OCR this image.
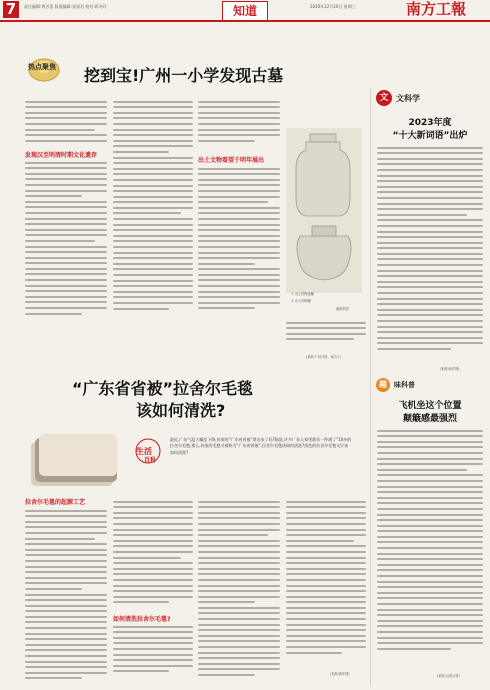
7	责任编辑:黄芳蕾 版面编辑:张丽君 校对:蒋冬玲	知道	2020年12月20日 星期三	南方工報
热点聚焦 挖到宝!广州一小学发现古墓
发现汉至明清时期文化遗存
出土文物看望于明年展出
① 出土的陶盖罐
② 出土的陶罐
番禺供图
(来源:广州日报、南方+)
“广东省省被”拉舍尔毛毯
该如何清洗?
生活
百科
最近,广东气温大幅度下降,你家的“广东省省被”拿出来了吗?据说,许多广东人家里都有一件满了“10多的拉舍尔毛毯,那么,你家的毛毯又被称为“广东省省被”,拉舍尔毛毯该如何清洗?黑色的拉舍尔毛毯又应该如何清洗?
拉舍尔毛毯的起源工艺
如何清洗拉舍尔毛毯?
(来源:新华网)
文 文科学
2023年度
“十大新词语”出炉
(来源:新华网)
趣	味科普
飞机坐这个位置
颠簸感最强烈
(来源:百度百科)
